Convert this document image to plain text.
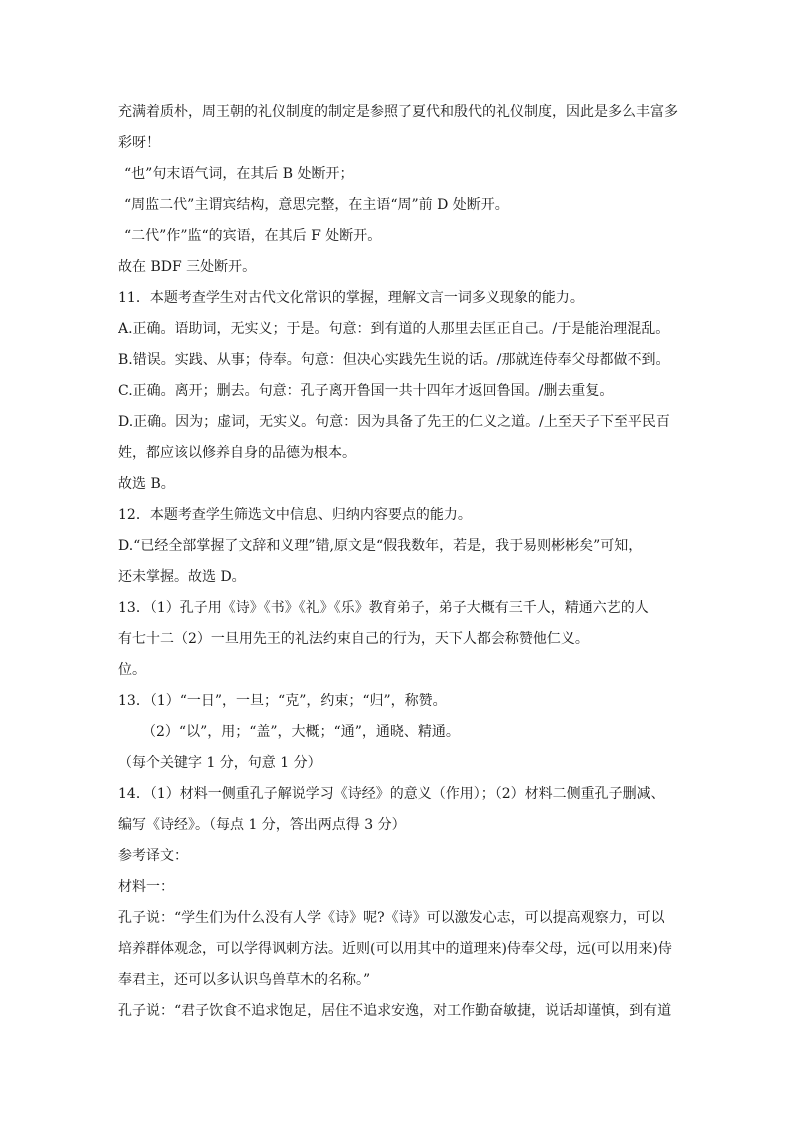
充满着质朴，周王朝的礼仪制度的制定是参照了夏代和殷代的礼仪制度，因此是多么丰富多
彩呀！
“也”句末语气词，在其后 B 处断开；
“周监二代”主谓宾结构，意思完整，在主语“周”前 D 处断开。
“二代”作”监“的宾语，在其后 F 处断开。
故在 BDF 三处断开。
11．本题考查学生对古代文化常识的掌握，理解文言一词多义现象的能力。
A.正确。语助词，无实义；于是。句意：到有道的人那里去匡正自己。/于是能治理混乱。
B.错误。实践、从事；侍奉。句意：但决心实践先生说的话。/那就连侍奉父母都做不到。
C.正确。离开；删去。句意：孔子离开鲁国一共十四年才返回鲁国。/删去重复。
D.正确。因为；虚词，无实义。句意：因为具备了先王的仁义之道。/上至天子下至平民百
姓，都应该以修养自身的品德为根本。
故选 B。
12．本题考查学生筛选文中信息、归纳内容要点的能力。
D.“已经全部掌握了文辞和义理”错,原文是“假我数年，若是，我于易则彬彬矣”可知，
还未掌握。故选 D。
13．（1）孔子用《诗》《书》《礼》《乐》教育弟子，弟子大概有三千人，精通六艺的人
有七十二（2）一旦用先王的礼法约束自己的行为，天下人都会称赞他仁义。
位。
13．（1）“一日”，一旦；“克”，约束；“归”，称赞。
（2）“以”，用；“盖”，大概；“通”，通晓、精通。
（每个关键字 1 分，句意 1 分）
14．（1）材料一侧重孔子解说学习《诗经》的意义（作用）；（2）材料二侧重孔子删减、
编写《诗经》。（每点 1 分，答出两点得 3 分）
参考译文：
材料一：
孔子说：“学生们为什么没有人学《诗》呢?《诗》可以激发心志，可以提高观察力，可以
培养群体观念，可以学得讽刺方法。近则(可以用其中的道理来)侍奉父母，远(可以用来)侍
奉君主，还可以多认识鸟兽草木的名称。”
孔子说：“君子饮食不追求饱足，居住不追求安逸，对工作勤奋敏捷，说话却谨慎，到有道
